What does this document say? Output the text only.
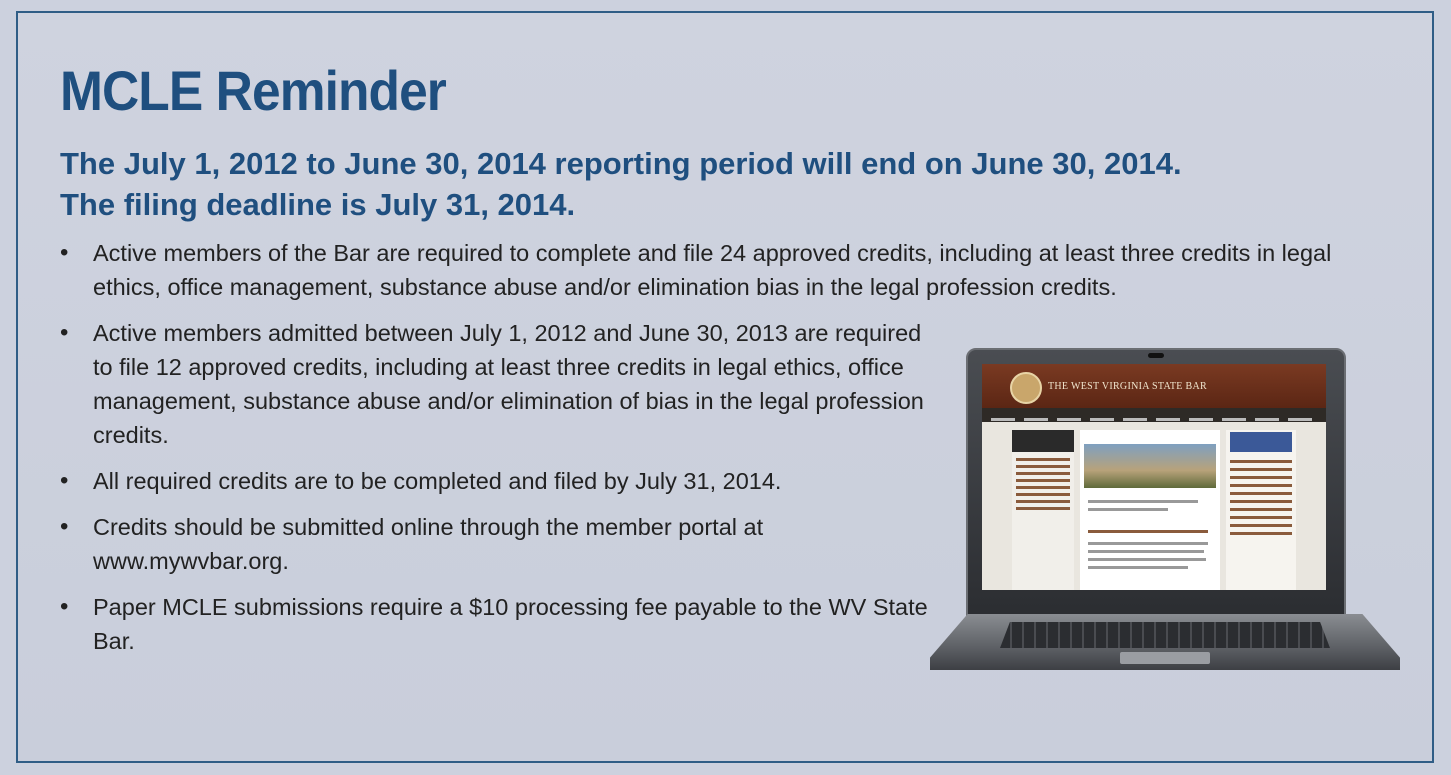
MCLE Reminder
The July 1, 2012 to June 30, 2014 reporting period will end on June 30, 2014.
The filing deadline is July 31, 2014.
• Active members of the Bar are required to complete and file 24 approved credits, including at least three credits in legal ethics, office management, substance abuse and/or elimination bias in the legal profession credits.
• Active members admitted between July 1, 2012 and June 30, 2013 are required to file 12 approved credits, including at least three credits in legal ethics, office management, substance abuse and/or elimination of bias in the legal profession credits.
• All required credits are to be completed and filed by July 31, 2014.
• Credits should be submitted online through the member portal at www.mywvbar.org.
• Paper MCLE submissions require a $10 processing fee payable to the WV State Bar.
THE WEST VIRGINIA STATE BAR
